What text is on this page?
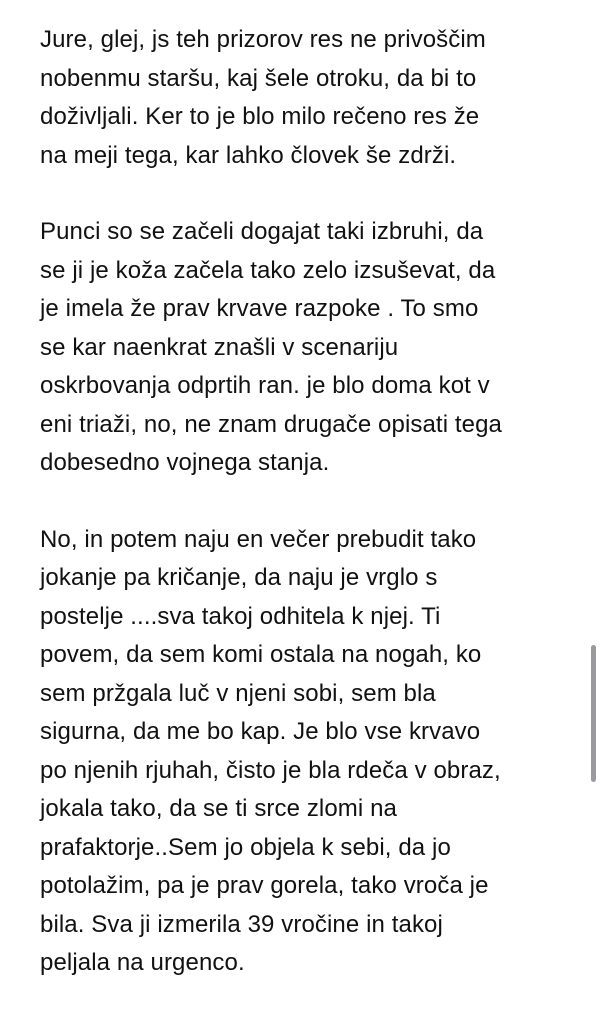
Jure, glej, js teh prizorov res ne privoščim
nobenmu staršu, kaj šele otroku, da bi to
doživljali. Ker to je blo milo rečeno res že
na meji tega, kar lahko človek še zdrži.
Punci so se začeli dogajat taki izbruhi, da
se ji je koža začela tako zelo izsuševat, da
je imela že prav krvave razpoke . To smo
se kar naenkrat znašli v scenariju
oskrbovanja odprtih ran. je blo doma kot v
eni triaži, no, ne znam drugače opisati tega
dobesedno vojnega stanja.
No, in potem naju en večer prebudit tako
jokanje pa kričanje, da naju je vrglo s
postelje ....sva takoj odhitela k njej. Ti
povem, da sem komi ostala na nogah, ko
sem pržgala luč v njeni sobi, sem bla
sigurna, da me bo kap. Je blo vse krvavo
po njenih rjuhah, čisto je bla rdeča v obraz,
jokala tako, da se ti srce zlomi na
prafaktorje..Sem jo objela k sebi, da jo
potolažim, pa je prav gorela, tako vroča je
bila. Sva ji izmerila 39 vročine in takoj
peljala na urgenco.
